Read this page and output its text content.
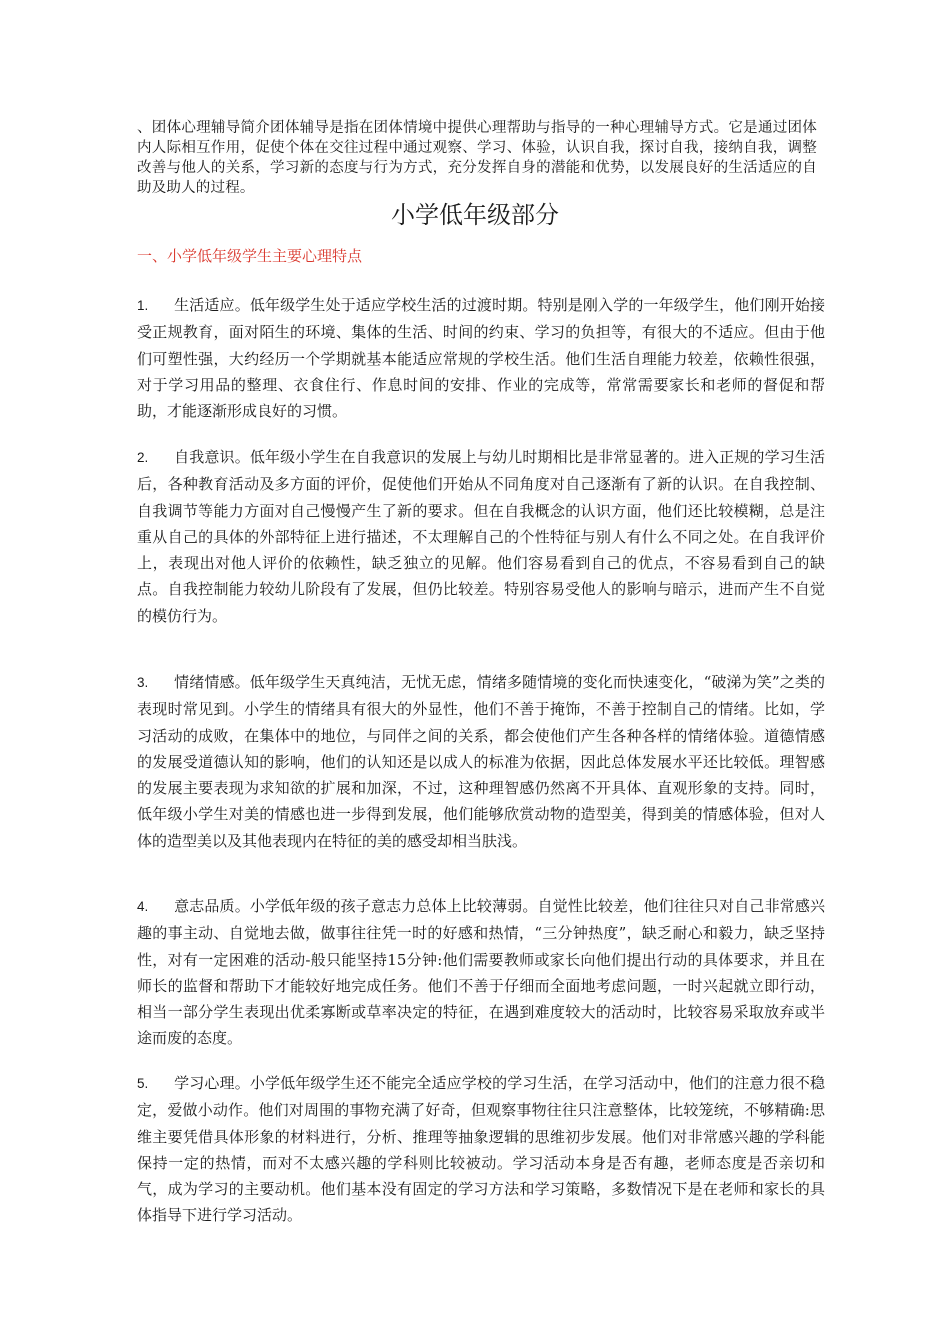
、团体心理辅导简介团体辅导是指在团体情境中提供心理帮助与指导的一种心理辅导方式。它是通过团体内人际相互作用，促使个体在交往过程中通过观察、学习、体验，认识自我，探讨自我，接纳自我，调整改善与他人的关系，学习新的态度与行为方式，充分发挥自身的潜能和优势，以发展良好的生活适应的自助及助人的过程。

小学低年级部分
一、小学低年级学生主要心理特点

1. 生活适应。低年级学生处于适应学校生活的过渡时期。特别是刚入学的一年级学生，他们刚开始接受正规教育，面对陌生的环境、集体的生活、时间的约束、学习的负担等，有很大的不适应。但由于他们可塑性强，大约经历一个学期就基本能适应常规的学校生活。他们生活自理能力较差，依赖性很强，对于学习用品的整理、衣食住行、作息时间的安排、作业的完成等，常常需要家长和老师的督促和帮助，才能逐渐形成良好的习惯。

2. 自我意识。低年级小学生在自我意识的发展上与幼儿时期相比是非常显著的。进入正规的学习生活后，各种教育活动及多方面的评价，促使他们开始从不同角度对自己逐渐有了新的认识。在自我控制、自我调节等能力方面对自己慢慢产生了新的要求。但在自我概念的认识方面，他们还比较模糊，总是注重从自己的具体的外部特征上进行描述，不太理解自己的个性特征与别人有什么不同之处。在自我评价上，表现出对他人评价的依赖性，缺乏独立的见解。他们容易看到自己的优点，不容易看到自己的缺点。自我控制能力较幼儿阶段有了发展，但仍比较差。特别容易受他人的影响与暗示，进而产生不自觉的模仿行为。

3. 情绪情感。低年级学生天真纯洁，无忧无虑，情绪多随情境的变化而快速变化，“破涕为笑”之类的表现时常见到。小学生的情绪具有很大的外显性，他们不善于掩饰，不善于控制自己的情绪。比如，学习活动的成败，在集体中的地位，与同伴之间的关系，都会使他们产生各种各样的情绪体验。道德情感的发展受道德认知的影响，他们的认知还是以成人的标准为依据，因此总体发展水平还比较低。理智感的发展主要表现为求知欲的扩展和加深，不过，这种理智感仍然离不开具体、直观形象的支持。同时，低年级小学生对美的情感也进一步得到发展，他们能够欣赏动物的造型美，得到美的情感体验，但对人体的造型美以及其他表现内在特征的美的感受却相当肤浅。

4. 意志品质。小学低年级的孩子意志力总体上比较薄弱。自觉性比较差，他们往往只对自己非常感兴趣的事主动、自觉地去做，做事往往凭一时的好感和热情，“三分钟热度”，缺乏耐心和毅力，缺乏坚持性，对有一定困难的活动-般只能坚持15分钟:他们需要教师或家长向他们提出行动的具体要求，并且在师长的监督和帮助下才能较好地完成任务。他们不善于仔细而全面地考虑问题，一时兴起就立即行动，相当一部分学生表现出优柔寡断或草率决定的特征，在遇到难度较大的活动时，比较容易采取放弃或半途而废的态度。

5. 学习心理。小学低年级学生还不能完全适应学校的学习生活，在学习活动中，他们的注意力很不稳定，爱做小动作。他们对周围的事物充满了好奇，但观察事物往往只注意整体，比较笼统，不够精确:思维主要凭借具体形象的材料进行，分析、推理等抽象逻辑的思维初步发展。他们对非常感兴趣的学科能保持一定的热情，而对不太感兴趣的学科则比较被动。学习活动本身是否有趣，老师态度是否亲切和气，成为学习的主要动机。他们基本没有固定的学习方法和学习策略，多数情况下是在老师和家长的具体指导下进行学习活动。
